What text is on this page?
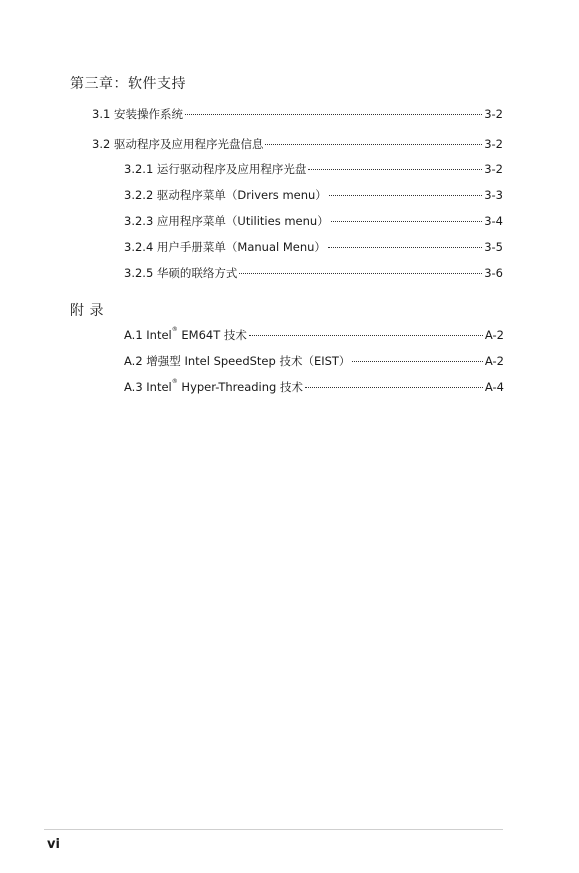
第三章：软件支持
3.1 安装操作系统	3-2
3.2 驱动程序及应用程序光盘信息	3-2
3.2.1 运行驱动程序及应用程序光盘	3-2
3.2.2 驱动程序菜单（Drivers menu）	3-3
3.2.3 应用程序菜单（Utilities menu）	3-4
3.2.4 用户手册菜单（Manual Menu）	3-5
3.2.5 华硕的联络方式	3-6
附 录
A.1 Intel® EM64T 技术	A-2
A.2 增强型 Intel SpeedStep 技术（EIST）	A-2
A.3 Intel® Hyper-Threading 技术	A-4
vi
